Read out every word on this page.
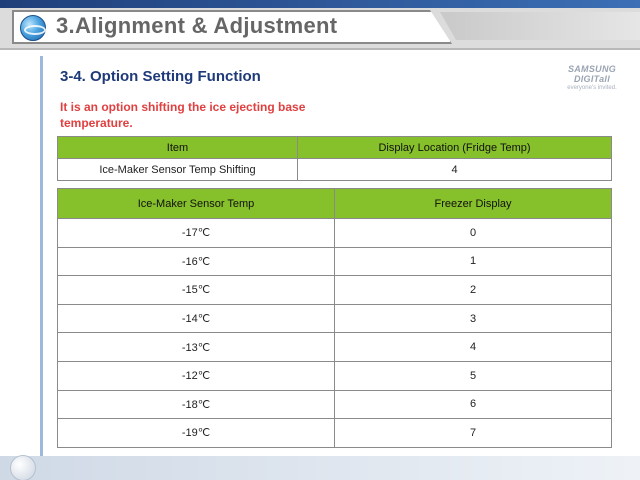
3.Alignment & Adjustment
3-4. Option Setting Function	SAMSUNG DIGITall
everyone's invited.
It is an option shifting the ice ejecting base temperature.
Item	Display Location (Fridge Temp)
Ice-Maker Sensor Temp Shifting	4
Ice-Maker Sensor Temp	Freezer Display
-17℃	0
-16℃	1
-15℃	2
-14℃	3
-13℃	4
-12℃	5
-18℃	6
-19℃	7
